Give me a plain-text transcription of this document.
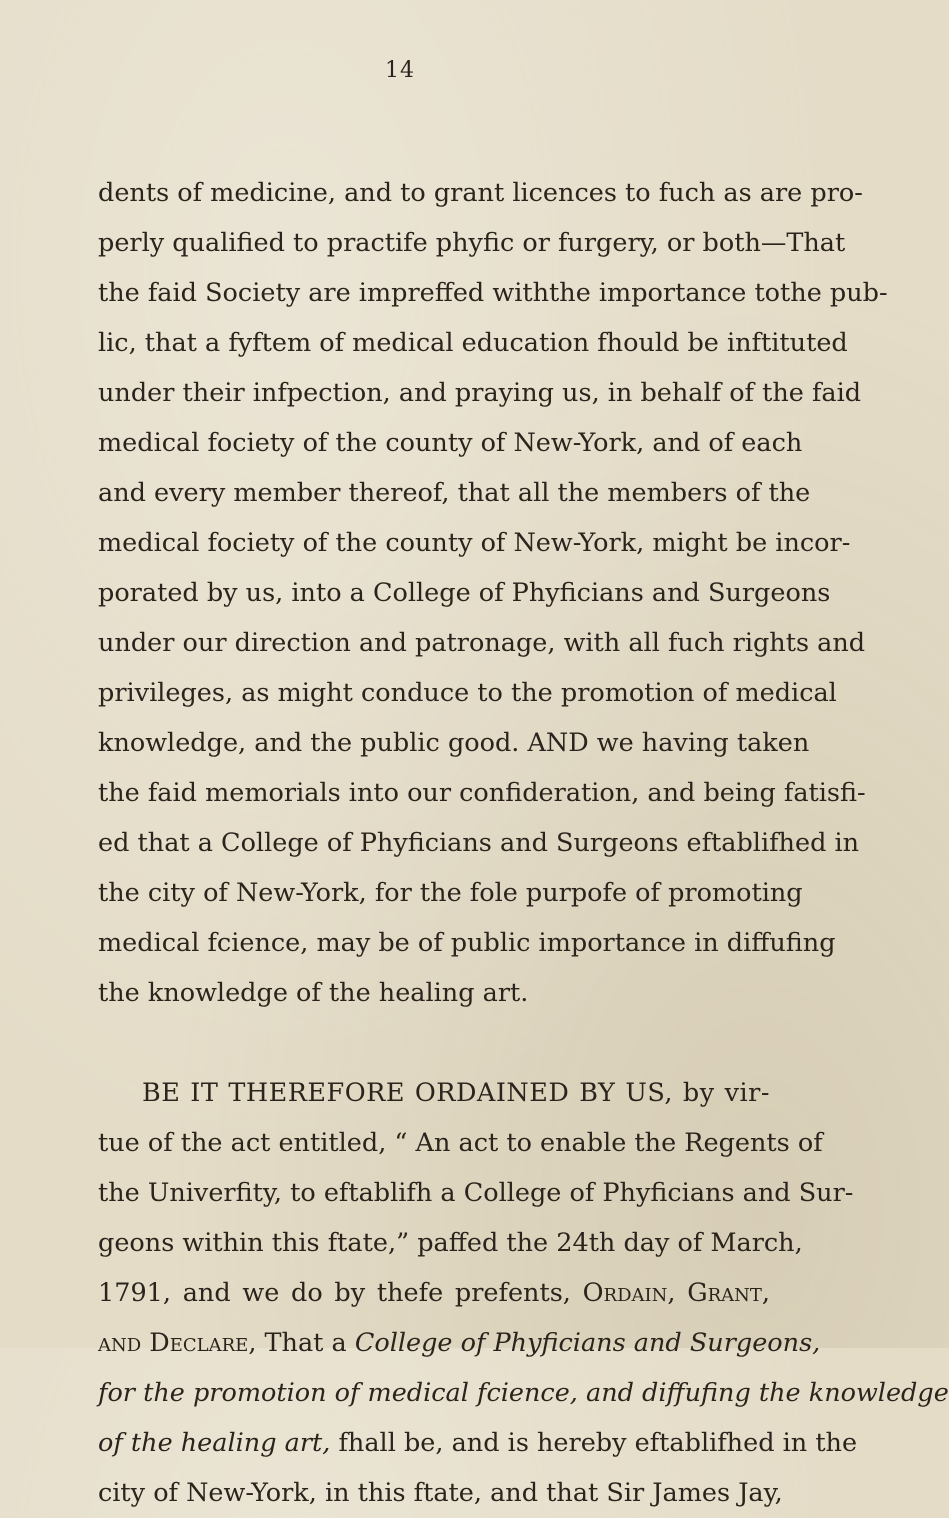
14
dents of medicine, and to grant licences to fuch as are pro-
perly qualified to practife phyfic or furgery, or both—That
the faid Society are impreffed withthe importance tothe pub-
lic, that a fyftem of medical education fhould be inftituted
under their infpection, and praying us, in behalf of the faid
medical fociety of the county of New-York, and of each
and every member thereof, that all the members of the
medical fociety of the county of New-York, might be incor-
porated by us, into a College of Phyficians and Surgeons
under our direction and patronage, with all fuch rights and
privileges, as might conduce to the promotion of medical
knowledge, and the public good. AND we having taken
the faid memorials into our confideration, and being fatisfi-
ed that a College of Phyficians and Surgeons eftablifhed in
the city of New-York, for the fole purpofe of promoting
medical fcience, may be of public importance in diffufing
the knowledge of the healing art.
BE IT THEREFORE ORDAINED BY US, by vir-
tue of the act entitled, “ An act to enable the Regents of
the Univerfity, to eftablifh a College of Phyficians and Sur-
geons within this ftate,” paffed the 24th day of March,
1791, and we do by thefe prefents, Ordain, Grant,
and Declare, That a College of Phyficians and Surgeons,
for the promotion of medical fcience, and diffufing the knowledge
of the healing art, fhall be, and is hereby eftablifhed in the
city of New-York, in this ftate, and that Sir James Jay,
